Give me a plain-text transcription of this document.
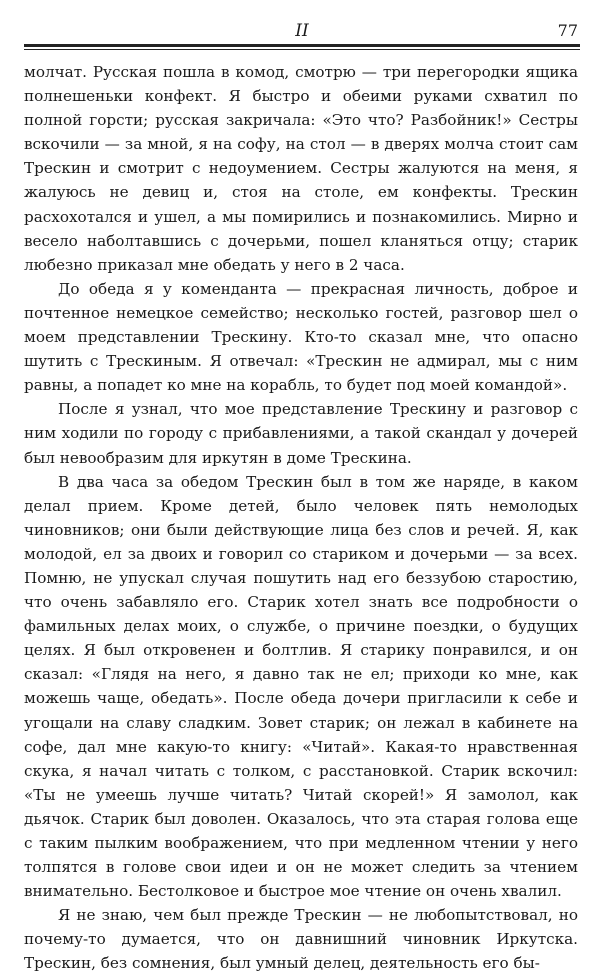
II	77

молчат. Русская пошла в комод, смотрю — три перегородки ящика полнешеньки конфект. Я быстро и обеими руками схватил по полной горсти; русская закричала: «Это что? Разбойник!» Сестры вскочили — за мной, я на софу, на стол — в дверях молча стоит сам Трескин и смотрит с недоумением. Сестры жалуются на меня, я жалуюсь не девиц и, стоя на столе, ем конфекты. Трескин расхохотался и ушел, а мы помирились и познакомились. Мирно и весело наболтавшись с дочерьми, пошел кланяться отцу; старик любезно приказал мне обедать у него в 2 часа.

До обеда я у коменданта — прекрасная личность, доброе и почтенное немецкое семейство; несколько гостей, разговор шел о моем представлении Трескину. Кто-то сказал мне, что опасно шутить с Трескиным. Я отвечал: «Трескин не адмирал, мы с ним равны, а попадет ко мне на корабль, то будет под моей командой».

После я узнал, что мое представление Трескину и разговор с ним ходили по городу с прибавлениями, а такой скандал у дочерей был невообразим для иркутян в доме Трескина.

В два часа за обедом Трескин был в том же наряде, в каком делал прием. Кроме детей, было человек пять немолодых чиновников; они были действующие лица без слов и речей. Я, как молодой, ел за двоих и говорил со стариком и дочерьми — за всех. Помню, не упускал случая пошутить над его беззубою старостию, что очень забавляло его. Старик хотел знать все подробности о фамильных делах моих, о службе, о причине поездки, о будущих целях. Я был откровенен и болтлив. Я старику понравился, и он сказал: «Глядя на него, я давно так не ел; приходи ко мне, как можешь чаще, обедать». После обеда дочери пригласили к себе и угощали на славу сладким. Зовет старик; он лежал в кабинете на софе, дал мне какую-то книгу: «Читай». Какая-то нравственная скука, я начал читать с толком, с расстановкой. Старик вскочил: «Ты не умеешь лучше читать? Читай скорей!» Я замолол, как дьячок. Старик был доволен. Оказалось, что эта старая голова еще с таким пылким воображением, что при медленном чтении у него толпятся в голове свои идеи и он не может следить за чтением внимательно. Бестолковое и быстрое мое чтение он очень хвалил.

Я не знаю, чем был прежде Трескин — не любопытствовал, но почему-то думается, что он давнишний чиновник Иркутска. Трескин, без сомнения, был умный делец, деятельность его бы-
